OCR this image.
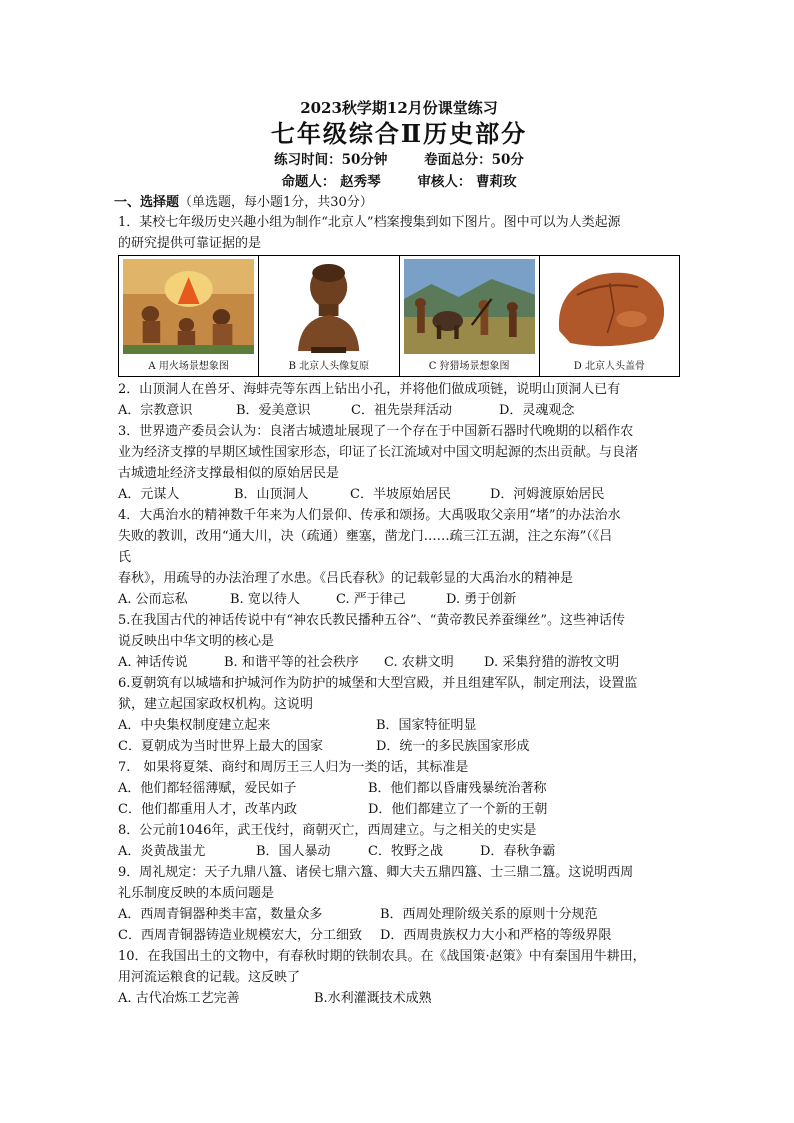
2023秋学期12月份课堂练习
七年级综合Ⅱ历史部分
练习时间：50分钟	卷面总分：50分
命题人： 赵秀琴	审核人： 曹莉玫
一、选择题（单选题，每小题1分，共30分）

1．某校七年级历史兴趣小组为制作“北京人”档案搜集到如下图片。图中可以为人类起源

的研究提供可靠证据的是

A 用火场景想象图	B 北京人头像复原	C 狩猎场景想象图	D 北京人头盖骨

2．山顶洞人在兽牙、海蚌壳等东西上钻出小孔，并将他们做成项链，说明山顶洞人已有

A．宗教意识	B．爱美意识	C．祖先崇拜活动	D．灵魂观念

3．世界遗产委员会认为：良渚古城遗址展现了一个存在于中国新石器时代晚期的以稻作农

业为经济支撑的早期区域性国家形态，印证了长江流域对中国文明起源的杰出贡献。与良渚

古城遗址经济支撑最相似的原始居民是

A．元谋人	B．山顶洞人	C．半坡原始居民	D．河姆渡原始居民

4．大禹治水的精神数千年来为人们景仰、传承和颂扬。大禹吸取父亲用“堵”的办法治水

失败的教训，改用“通大川，决（疏通）壅塞，凿龙门……疏三江五湖，注之东海”（《吕

氏

春秋》，用疏导的办法治理了水患。《吕氏春秋》的记载彰显的大禹治水的精神是

A. 公而忘私	B. 宽以待人	C. 严于律己	D. 勇于创新

5.在我国古代的神话传说中有“神农氏教民播种五谷”、“黄帝教民养蚕缫丝”。这些神话传

说反映出中华文明的核心是

A. 神话传说	B. 和谐平等的社会秩序	C. 农耕文明	D. 采集狩猎的游牧文明

6.夏朝筑有以城墙和护城河作为防护的城堡和大型宫殿，并且组建军队，制定刑法，设置监

狱，建立起国家政权机构。这说明

A．中央集权制度建立起来	B．国家特征明显
C．夏朝成为当时世界上最大的国家	D．统一的多民族国家形成

7.　如果将夏桀、商纣和周厉王三人归为一类的话，其标准是

A．他们都轻徭薄赋，爱民如子	B．他们都以昏庸残暴统治著称
C．他们都重用人才，改革内政	D．他们都建立了一个新的王朝

8．公元前1046年，武王伐纣，商朝灭亡，西周建立。与之相关的史实是

A．炎黄战蚩尤	B．国人暴动	C．牧野之战	D．春秋争霸

9．周礼规定：天子九鼎八簋、诸侯七鼎六簋、卿大夫五鼎四簋、士三鼎二簋。这说明西周

礼乐制度反映的本质问题是

A．西周青铜器种类丰富，数量众多	B．西周处理阶级关系的原则十分规范
C．西周青铜器铸造业规模宏大，分工细致	D．西周贵族权力大小和严格的等级界限

10．在我国出土的文物中，有春秋时期的铁制农具。在《战国策·赵策》中有秦国用牛耕田，

用河流运粮食的记载。这反映了

A. 古代冶炼工艺完善	B.水利灌溉技术成熟
